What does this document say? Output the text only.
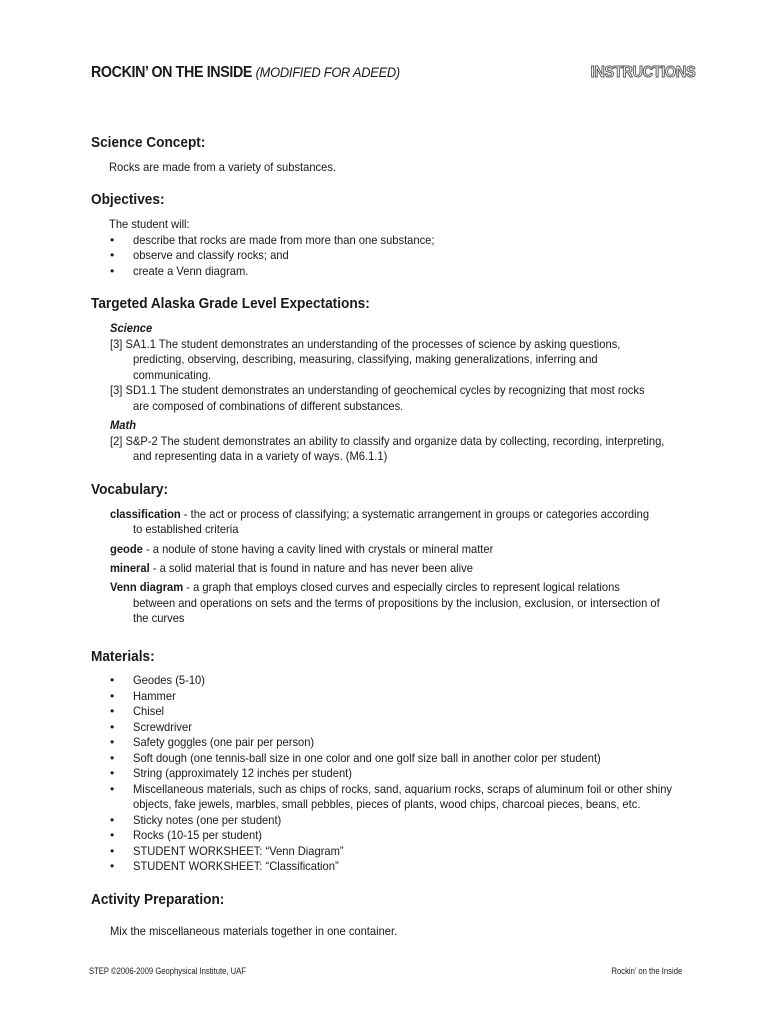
ROCKIN’ ON THE INSIDE (MODIFIED FOR ADEED)	INSTRUCTIONS
Science Concept:
Rocks are made from a variety of substances.
Objectives:
The student will:
• describe that rocks are made from more than one substance;
• observe and classify rocks; and
• create a Venn diagram.
Targeted Alaska Grade Level Expectations:
Science
[3] SA1.1 The student demonstrates an understanding of the processes of science by asking questions,
predicting, observing, describing, measuring, classifying, making generalizations, inferring and
communicating.
[3] SD1.1 The student demonstrates an understanding of geochemical cycles by recognizing that most rocks
are composed of combinations of different substances.
Math
[2] S&P-2 The student demonstrates an ability to classify and organize data by collecting, recording, interpreting,
and representing data in a variety of ways. (M6.1.1)
Vocabulary:
classification - the act or process of classifying; a systematic arrangement in groups or categories according
to established criteria
geode - a nodule of stone having a cavity lined with crystals or mineral matter
mineral - a solid material that is found in nature and has never been alive
Venn diagram - a graph that employs closed curves and especially circles to represent logical relations
between and operations on sets and the terms of propositions by the inclusion, exclusion, or intersection of
the curves
Materials:
• Geodes (5-10)
• Hammer
• Chisel
• Screwdriver
• Safety goggles (one pair per person)
• Soft dough (one tennis-ball size in one color and one golf size ball in another color per student)
• String (approximately 12 inches per student)
• Miscellaneous materials, such as chips of rocks, sand, aquarium rocks, scraps of aluminum foil or other shiny
objects, fake jewels, marbles, small pebbles, pieces of plants, wood chips, charcoal pieces, beans, etc.
• Sticky notes (one per student)
• Rocks (10-15 per student)
• STUDENT WORKSHEET: “Venn Diagram”
• STUDENT WORKSHEET: “Classification”
Activity Preparation:
Mix the miscellaneous materials together in one container.
STEP ©2006-2009 Geophysical Institute, UAF	Rockin’ on the Inside
